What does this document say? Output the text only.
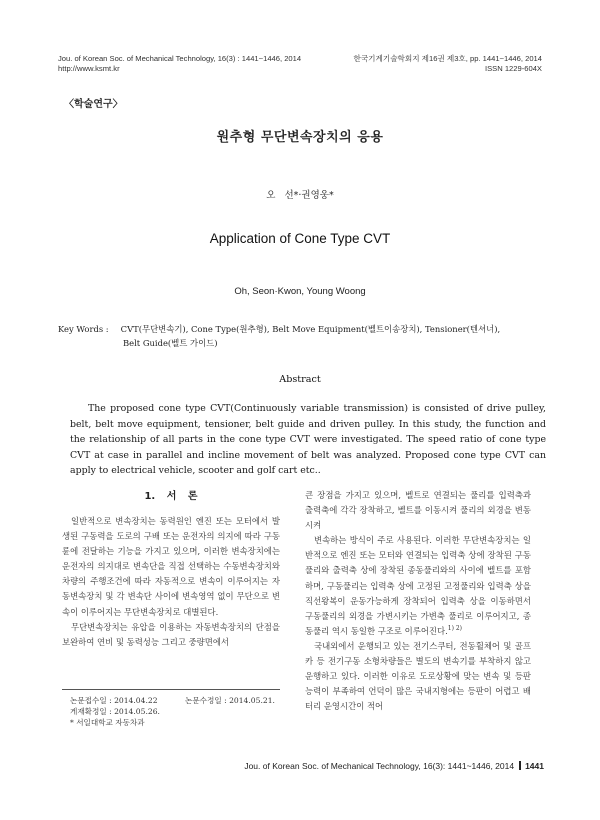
Jou. of Korean Soc. of Mechanical Technology, 16(3) : 1441~1446, 2014
http://www.ksmt.kr
한국기계기술학회지 제16권 제3호, pp. 1441~1446, 2014
ISSN 1229-604X
〈학술연구〉
원추형 무단변속장치의 응용
오 선*·권영웅*
Application of Cone Type CVT
Oh, Seon·Kwon, Young Woong
Key Words : CVT(무단변속기), Cone Type(원추형), Belt Move Equipment(벨트이송장치), Tensioner(텐셔너),
Belt Guide(벨트 가이드)
Abstract
The proposed cone type CVT(Continuously variable transmission) is consisted of drive pulley, belt, belt move equipment, tensioner, belt guide and driven pulley. In this study, the function and the relationship of all parts in the cone type CVT were investigated. The speed ratio of cone type CVT at case in parallel and incline movement of belt was analyzed. Proposed cone type CVT can apply to electrical vehicle, scooter and golf cart etc..
1. 서 론

일반적으로 변속장치는 동력원인 엔진 또는 모터에서 발생된 구동력을 도로의 구배 또는 운전자의 의지에 따라 구동륜에 전달하는 기능을 가지고 있으며, 이러한 변속장치에는 운전자의 의지대로 변속단을 직접 선택하는 수동변속장치와 차량의 주행조건에 따라 자동적으로 변속이 이루어지는 자동변속장치 및 각 변속단 사이에 변속영역 없이 무단으로 변속이 이루어지는 무단변속장치로 대별된다.

무단변속장치는 유압을 이용하는 자동변속장치의 단점을 보완하여 연비 및 동력성능 그리고 중량면에서

큰 장점을 가지고 있으며, 벨트로 연결되는 풀리를 입력축과 출력축에 각각 장착하고, 벨트를 이동시켜 풀리의 외경을 변동시켜

변속하는 방식이 주로 사용된다. 이러한 무단변속장치는 일반적으로 엔진 또는 모터와 연결되는 입력축 상에 장착된 구동풀리와 출력축 상에 장착된 종동풀리와의 사이에 벨트를 포함하며, 구동풀리는 입력축 상에 고정된 고정풀리와 입력축 상을 직선왕복이 운동가능하게 장착되어 입력축 상을 이동하면서 구동풀리의 외경을 가변시키는 가변축 풀리로 이루어지고, 종동풀리 역시 동일한 구조로 이루어진다.$^{1) 2)}$

국내외에서 운행되고 있는 전기스쿠터, 전동휠체어 및 골프카 등 전기구동 소형차량들은 별도의 변속기를 부착하지 않고 운행하고 있다. 이러한 이유로 도로상황에 맞는 변속 및 등판능력이 부족하여 언덕이 많은 국내지형에는 등판이 어렵고 배터리 운영시간이 적어

논문접수일 : 2014.04.22	논문수정일 : 2014.05.21.
게재확정일 : 2014.05.26.
* 서일대학교 자동차과
Jou. of Korean Soc. of Mechanical Technology, 16(3): 1441~1446, 2014 1441
